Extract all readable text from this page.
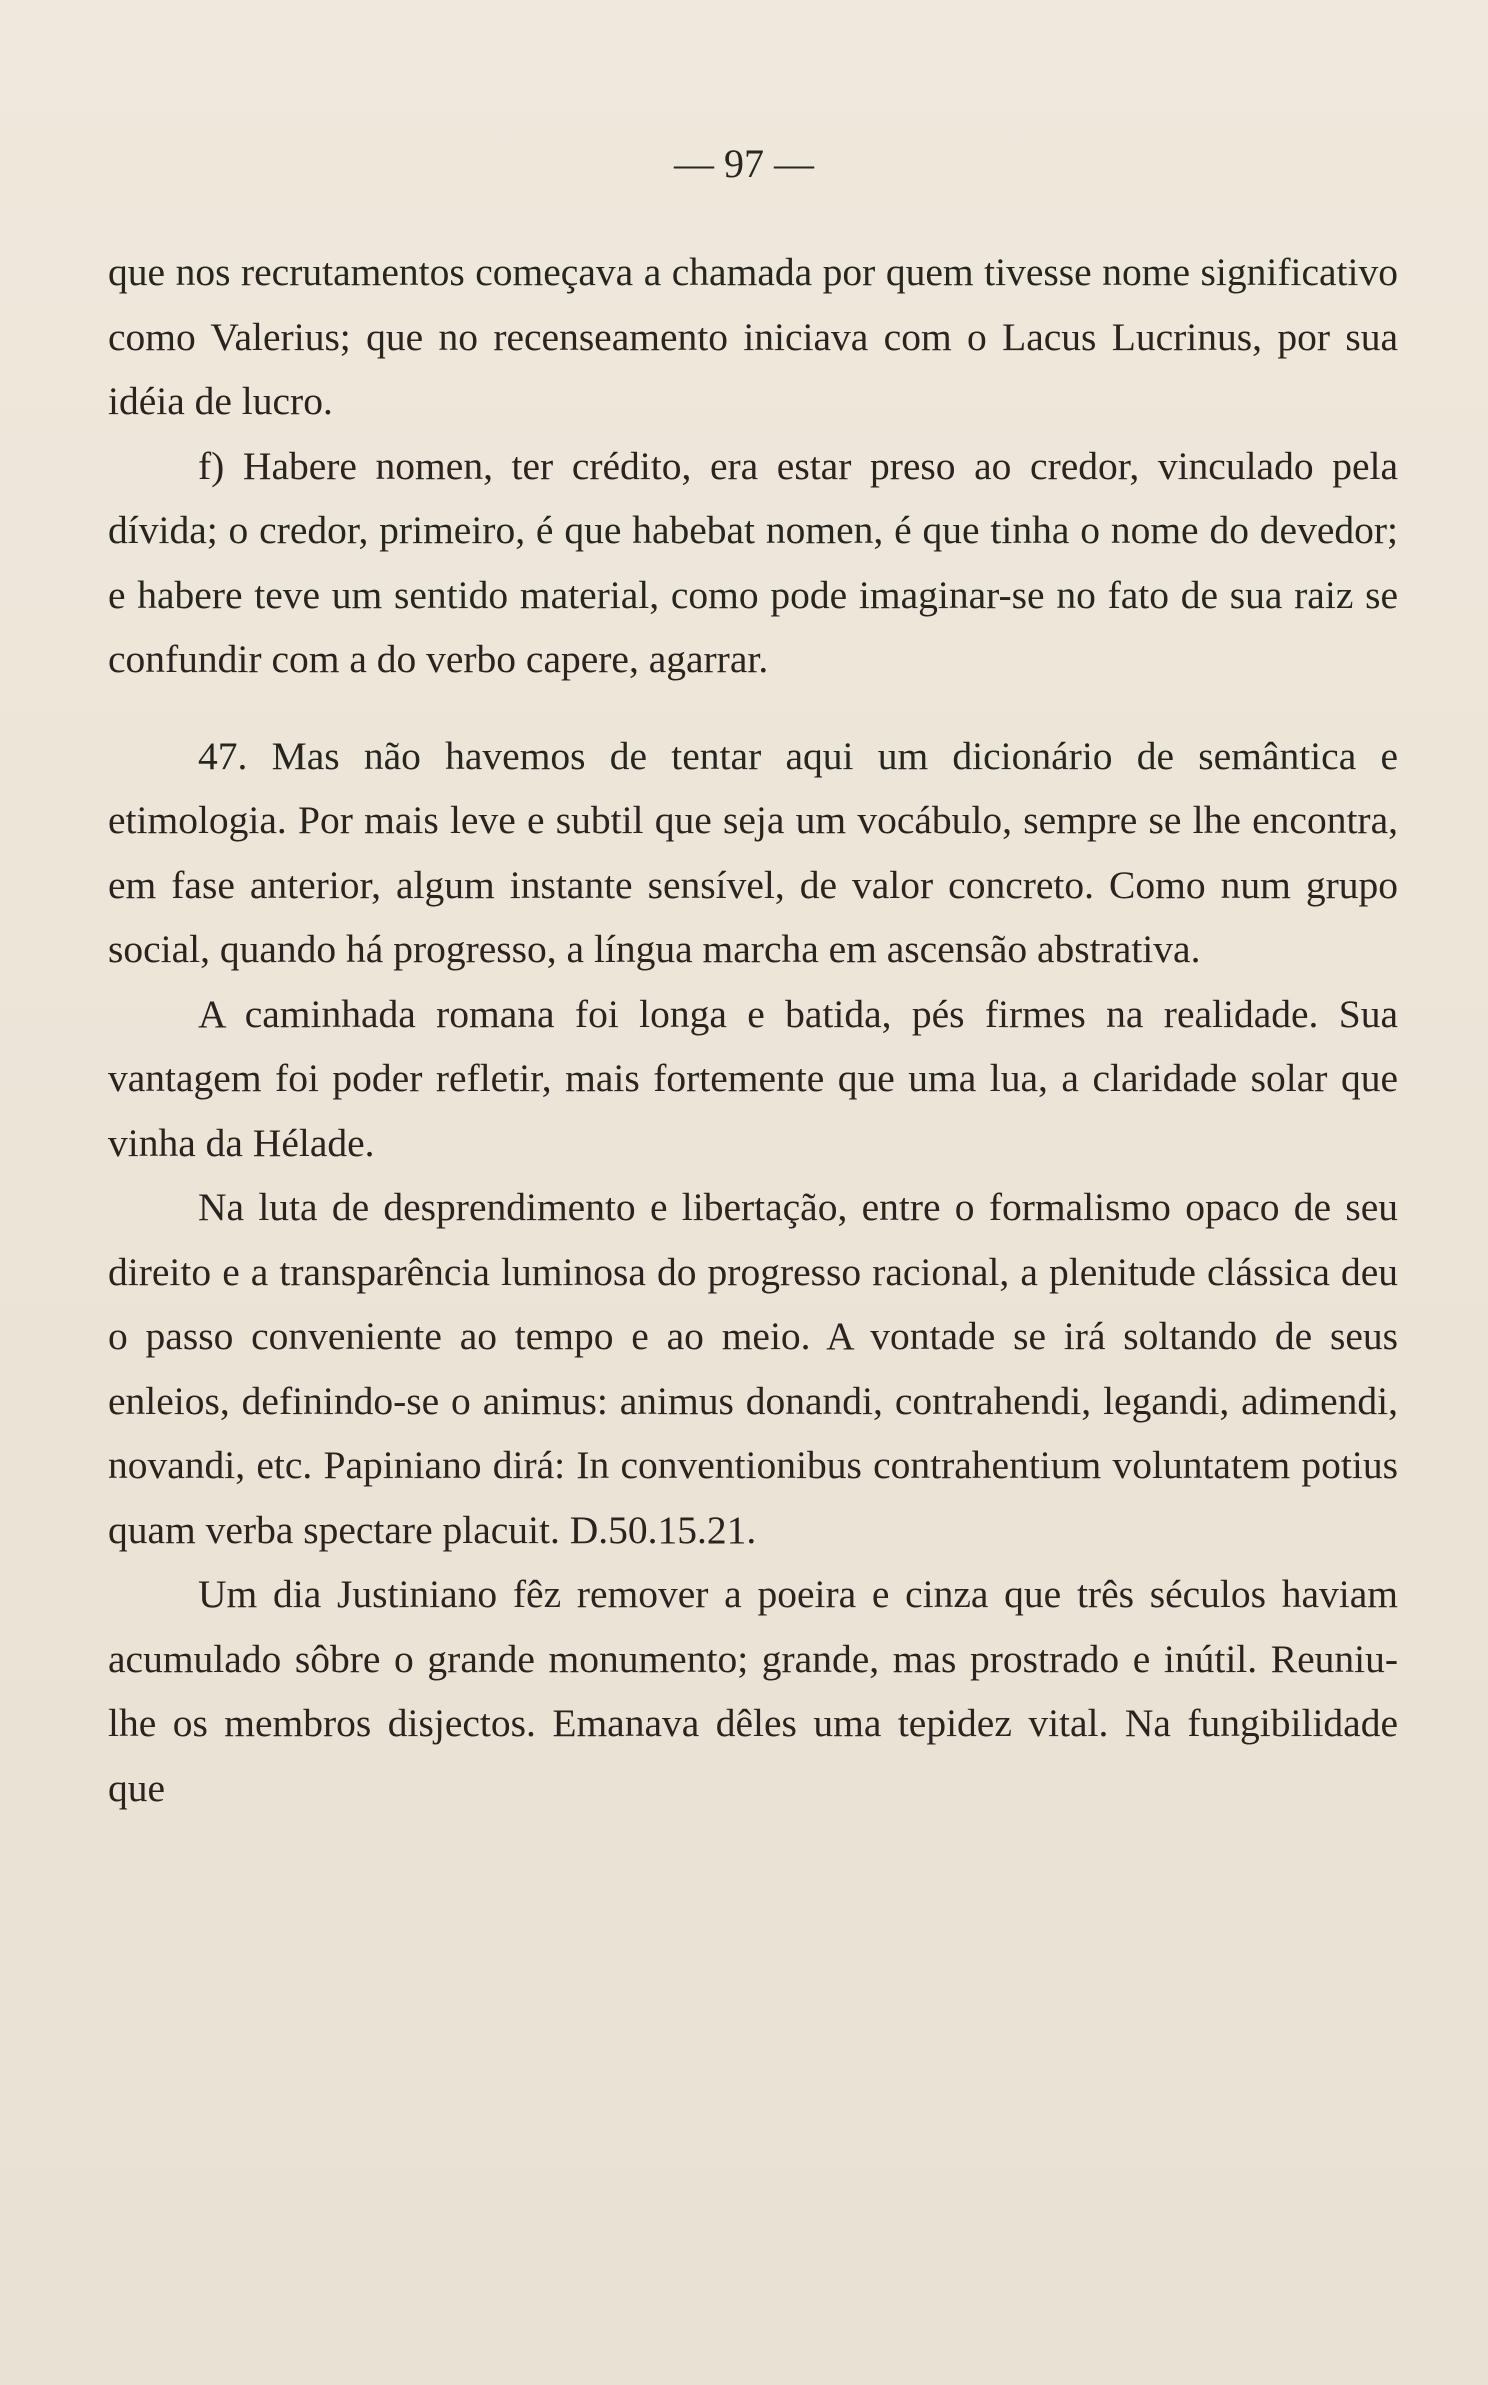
— 97 —

que nos recrutamentos começava a chamada por quem tivesse nome significativo como Valerius; que no recenseamento iniciava com o Lacus Lucrinus, por sua idéia de lucro.

f) Habere nomen, ter crédito, era estar preso ao credor, vinculado pela dívida; o credor, primeiro, é que habebat nomen, é que tinha o nome do devedor; e habere teve um sentido material, como pode imaginar-se no fato de sua raiz se confundir com a do verbo capere, agarrar.

47. Mas não havemos de tentar aqui um dicionário de semântica e etimologia. Por mais leve e subtil que seja um vocábulo, sempre se lhe encontra, em fase anterior, algum instante sensível, de valor concreto. Como num grupo social, quando há progresso, a língua marcha em ascensão abstrativa.

A caminhada romana foi longa e batida, pés firmes na realidade. Sua vantagem foi poder refletir, mais fortemente que uma lua, a claridade solar que vinha da Hélade.

Na luta de desprendimento e libertação, entre o formalismo opaco de seu direito e a transparência luminosa do progresso racional, a plenitude clássica deu o passo conveniente ao tempo e ao meio. A vontade se irá soltando de seus enleios, definindo-se o animus: animus donandi, contrahendi, legandi, adimendi, novandi, etc. Papiniano dirá: In conventionibus contrahentium voluntatem potius quam verba spectare placuit. D.50.15.21.

Um dia Justiniano fêz remover a poeira e cinza que três séculos haviam acumulado sôbre o grande monumento; grande, mas prostrado e inútil. Reuniu-lhe os membros disjectos. Emanava dêles uma tepidez vital. Na fungibilidade que
